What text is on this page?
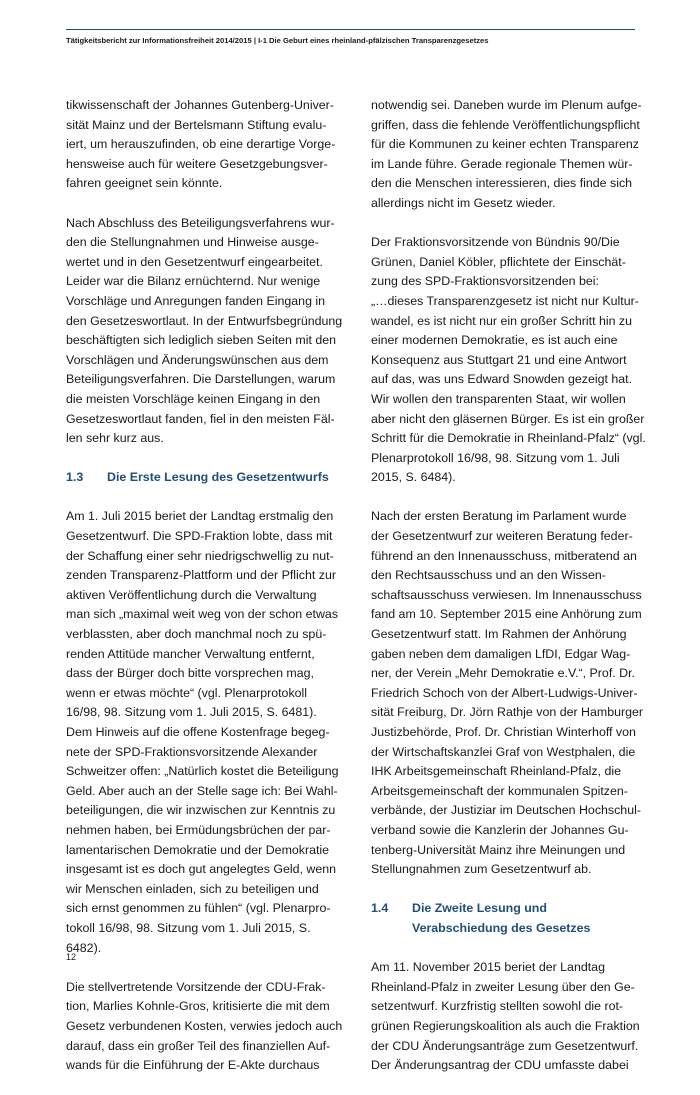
Tätigkeitsbericht zur Informationsfreiheit 2014/2015 | I-1 Die Geburt eines rheinland-pfälzischen Transparenzgesetzes

tikwissenschaft der Johannes Gutenberg-Univer-
sität Mainz und der Bertelsmann Stiftung evalu-
iert, um herauszufinden, ob eine derartige Vorge-
hensweise auch für weitere Gesetzgebungsver-
fahren geeignet sein könnte.

Nach Abschluss des Beteiligungsverfahrens wur-
den die Stellungnahmen und Hinweise ausge-
wertet und in den Gesetzentwurf eingearbeitet.
Leider war die Bilanz ernüchternd. Nur wenige
Vorschläge und Anregungen fanden Eingang in
den Gesetzeswortlaut. In der Entwurfsbegründung
beschäftigten sich lediglich sieben Seiten mit den
Vorschlägen und Änderungswünschen aus dem
Beteiligungsverfahren. Die Darstellungen, warum
die meisten Vorschläge keinen Eingang in den
Gesetzeswortlaut fanden, fiel in den meisten Fäl-
len sehr kurz aus.

1.3	Die Erste Lesung des Gesetzentwurfs

Am 1. Juli 2015 beriet der Landtag erstmalig den
Gesetzentwurf. Die SPD-Fraktion lobte, dass mit
der Schaffung einer sehr niedrigschwellig zu nut-
zenden Transparenz-Plattform und der Pflicht zur
aktiven Veröffentlichung durch die Verwaltung
man sich „maximal weit weg von der schon etwas
verblassten, aber doch manchmal noch zu spü-
renden Attitüde mancher Verwaltung entfernt,
dass der Bürger doch bitte vorsprechen mag,
wenn er etwas möchte“ (vgl. Plenarprotokoll
16/98, 98. Sitzung vom 1. Juli 2015, S. 6481).
Dem Hinweis auf die offene Kostenfrage begeg-
nete der SPD-Fraktionsvorsitzende Alexander
Schweitzer offen: „Natürlich kostet die Beteiligung
Geld. Aber auch an der Stelle sage ich: Bei Wahl-
beteiligungen, die wir inzwischen zur Kenntnis zu
nehmen haben, bei Ermüdungsbrüchen der par-
lamentarischen Demokratie und der Demokratie
insgesamt ist es doch gut angelegtes Geld, wenn
wir Menschen einladen, sich zu beteiligen und
sich ernst genommen zu fühlen“ (vgl. Plenarpro-
tokoll 16/98, 98. Sitzung vom 1. Juli 2015, S.
6482).

Die stellvertretende Vorsitzende der CDU-Frak-
tion, Marlies Kohnle-Gros, kritisierte die mit dem
Gesetz verbundenen Kosten, verwies jedoch auch
darauf, dass ein großer Teil des finanziellen Auf-
wands für die Einführung der E-Akte durchaus

notwendig sei. Daneben wurde im Plenum aufge-
griffen, dass die fehlende Veröffentlichungspflicht
für die Kommunen zu keiner echten Transparenz
im Lande führe. Gerade regionale Themen wür-
den die Menschen interessieren, dies finde sich
allerdings nicht im Gesetz wieder.

Der Fraktionsvorsitzende von Bündnis 90/Die
Grünen, Daniel Köbler, pflichtete der Einschät-
zung des SPD-Fraktionsvorsitzenden bei:
„…dieses Transparenzgesetz ist nicht nur Kultur-
wandel, es ist nicht nur ein großer Schritt hin zu
einer modernen Demokratie, es ist auch eine
Konsequenz aus Stuttgart 21 und eine Antwort
auf das, was uns Edward Snowden gezeigt hat.
Wir wollen den transparenten Staat, wir wollen
aber nicht den gläsernen Bürger. Es ist ein großer
Schritt für die Demokratie in Rheinland-Pfalz“ (vgl.
Plenarprotokoll 16/98, 98. Sitzung vom 1. Juli
2015, S. 6484).

Nach der ersten Beratung im Parlament wurde
der Gesetzentwurf zur weiteren Beratung feder-
führend an den Innenausschuss, mitberatend an
den Rechtsausschuss und an den Wissen-
schaftsausschuss verwiesen. Im Innenausschuss
fand am 10. September 2015 eine Anhörung zum
Gesetzentwurf statt. Im Rahmen der Anhörung
gaben neben dem damaligen LfDI, Edgar Wag-
ner, der Verein „Mehr Demokratie e.V.“, Prof. Dr.
Friedrich Schoch von der Albert-Ludwigs-Univer-
sität Freiburg, Dr. Jörn Rathje von der Hamburger
Justizbehörde, Prof. Dr. Christian Winterhoff von
der Wirtschaftskanzlei Graf von Westphalen, die
IHK Arbeitsgemeinschaft Rheinland-Pfalz, die
Arbeitsgemeinschaft der kommunalen Spitzen-
verbände, der Justiziar im Deutschen Hochschul-
verband sowie die Kanzlerin der Johannes Gu-
tenberg-Universität Mainz ihre Meinungen und
Stellungnahmen zum Gesetzentwurf ab.

1.4	Die Zweite Lesung und
Verabschiedung des Gesetzes

Am 11. November 2015 beriet der Landtag
Rheinland-Pfalz in zweiter Lesung über den Ge-
setzentwurf. Kurzfristig stellten sowohl die rot-
grünen Regierungskoalition als auch die Fraktion
der CDU Änderungsanträge zum Gesetzentwurf.
Der Änderungsantrag der CDU umfasste dabei

12
